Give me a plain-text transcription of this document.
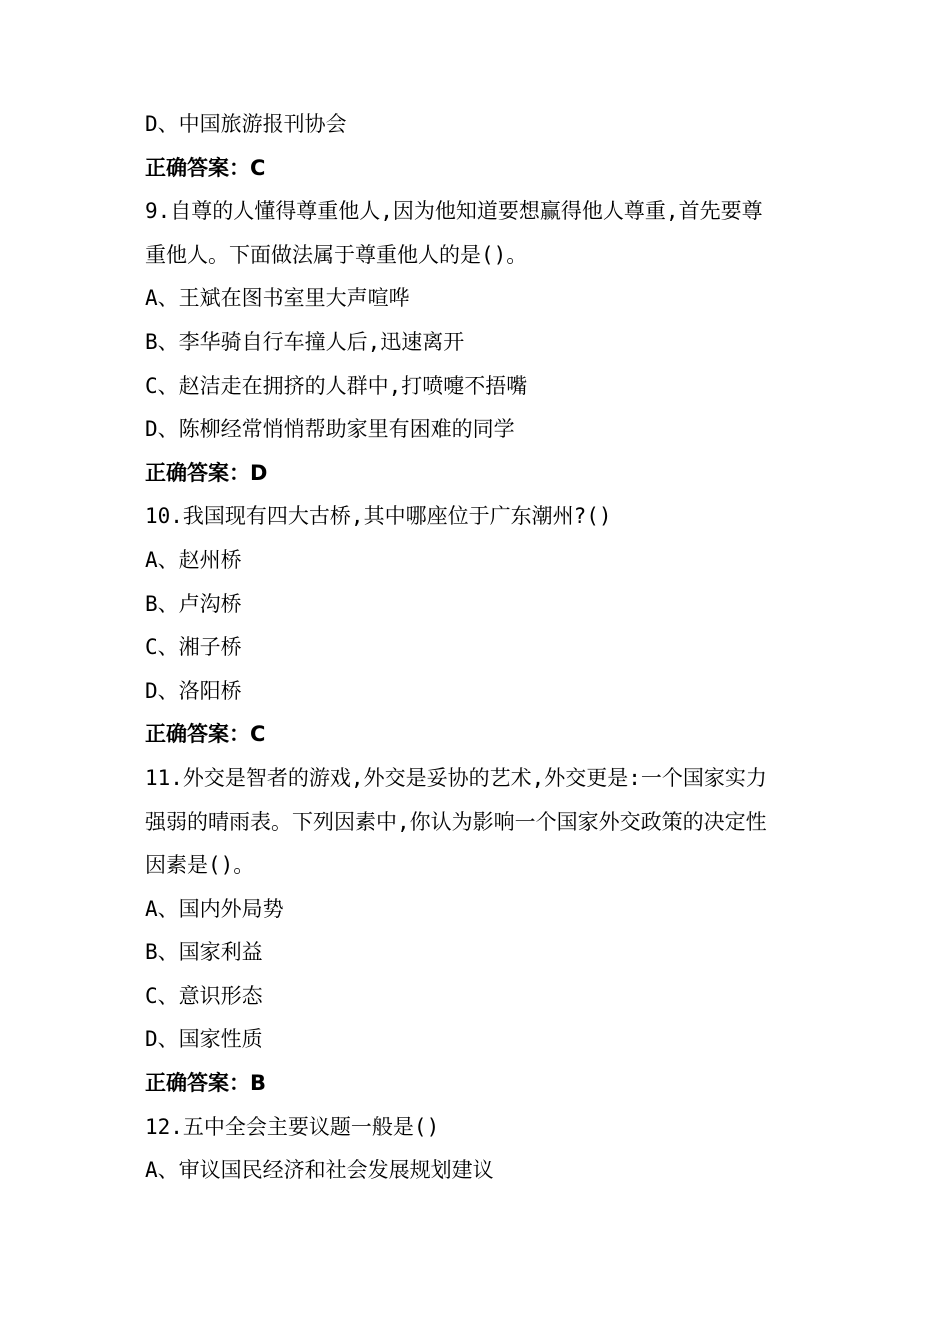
D、中国旅游报刊协会
正确答案：C
9.自尊的人懂得尊重他人,因为他知道要想赢得他人尊重,首先要尊
重他人。下面做法属于尊重他人的是()。
A、王斌在图书室里大声喧哗
B、李华骑自行车撞人后,迅速离开
C、赵洁走在拥挤的人群中,打喷嚏不捂嘴
D、陈柳经常悄悄帮助家里有困难的同学
正确答案：D
10.我国现有四大古桥,其中哪座位于广东潮州?()
A、赵州桥
B、卢沟桥
C、湘子桥
D、洛阳桥
正确答案：C
11.外交是智者的游戏,外交是妥协的艺术,外交更是:一个国家实力
强弱的晴雨表。下列因素中,你认为影响一个国家外交政策的决定性
因素是()。
A、国内外局势
B、国家利益
C、意识形态
D、国家性质
正确答案：B
12.五中全会主要议题一般是()
A、审议国民经济和社会发展规划建议
